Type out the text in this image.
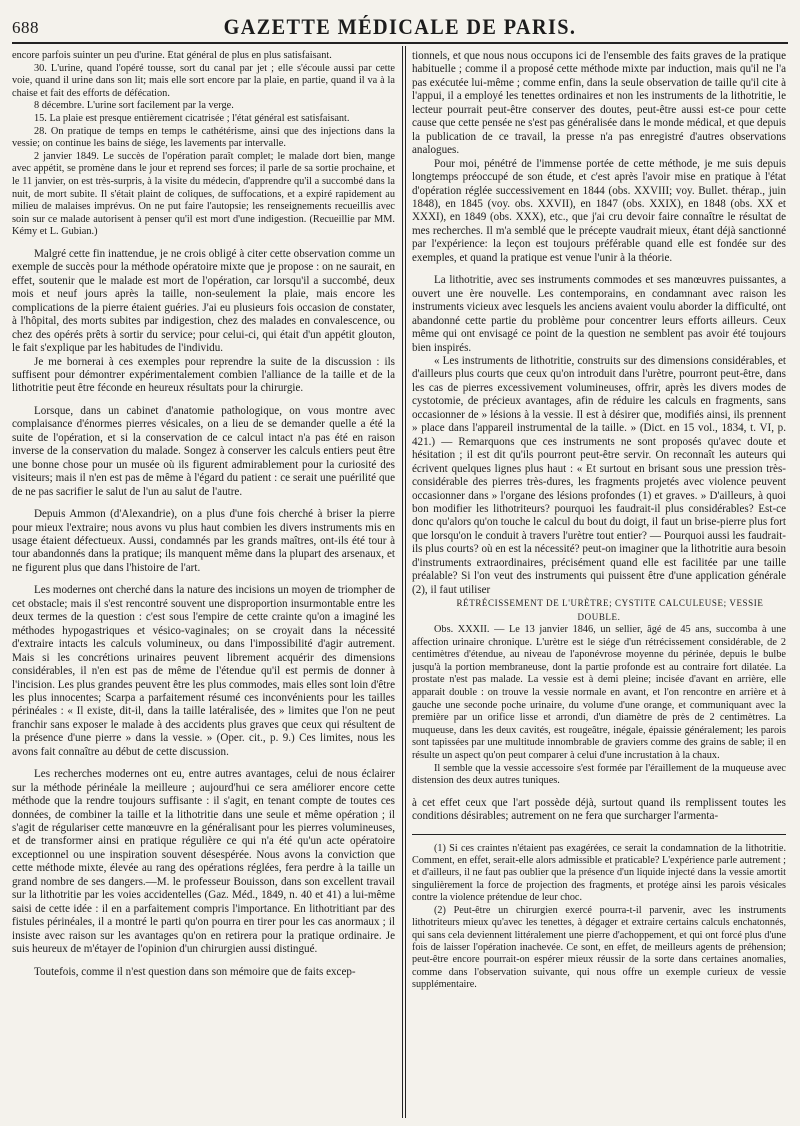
688	GAZETTE MÉDICALE DE PARIS.

encore parfois suinter un peu d'urine. État général de plus en plus satisfaisant.

30. L'urine, quand l'opéré tousse, sort du canal par jet ; elle s'écoule aussi par cette voie, quand il urine dans son lit; mais elle sort encore par la plaie, en partie, quand il va à la chaise et fait des efforts de défécation.

8 décembre. L'urine sort facilement par la verge.

15. La plaie est presque entièrement cicatrisée ; l'état général est satisfaisant.

28. On pratique de temps en temps le cathétérisme, ainsi que des injections dans la vessie; on continue les bains de siége, les lavements par intervalle.

2 janvier 1849. Le succès de l'opération paraît complet; le malade dort bien, mange avec appétit, se promène dans le jour et reprend ses forces; il parle de sa sortie prochaine, et le 11 janvier, on est très-surpris, à la visite du médecin, d'apprendre qu'il a succombé dans la nuit, de mort subite. Il s'était plaint de coliques, de suffocations, et a expiré rapidement au milieu de malaises imprévus. On ne put faire l'autopsie; les renseignements recueillis avec soin sur ce malade autorisent à penser qu'il est mort d'une indigestion. (Recueillie par MM. Kémy et L. Gubian.)

Malgré cette fin inattendue, je ne crois obligé à citer cette observation comme un exemple de succès pour la méthode opératoire mixte que je propose : on ne saurait, en effet, soutenir que le malade est mort de l'opération, car lorsqu'il a succombé, deux mois et neuf jours après la taille, non-seulement la plaie, mais encore les complications de la pierre étaient guéries. J'ai eu plusieurs fois occasion de constater, à l'hôpital, des morts subites par indigestion, chez des malades en convalescence, ou chez des opérés prêts à sortir du service; pour celui-ci, qui était d'un appétit glouton, le fait s'explique par les habitudes de l'individu.

Je me bornerai à ces exemples pour reprendre la suite de la discussion : ils suffisent pour démontrer expérimentalement combien l'alliance de la taille et de la lithotritie peut être féconde en heureux résultats pour la chirurgie.

Lorsque, dans un cabinet d'anatomie pathologique, on vous montre avec complaisance d'énormes pierres vésicales, on a lieu de se demander quelle a été la suite de l'opération, et si la conservation de ce calcul intact n'a pas été en raison inverse de la conservation du malade. Songez à conserver les calculs entiers peut être une bonne chose pour un musée où ils figurent admirablement pour la curiosité des visiteurs; mais il n'en est pas de même à l'égard du patient : ce serait une puérilité que de ne pas sacrifier le salut de l'un au salut de l'autre.

Depuis Ammon (d'Alexandrie), on a plus d'une fois cherché à briser la pierre pour mieux l'extraire; nous avons vu plus haut combien les divers instruments mis en usage étaient défectueux. Aussi, condamnés par les grands maîtres, ont-ils été tour à tour abandonnés dans la pratique; ils manquent même dans la plupart des arsenaux, et ne figurent plus que dans l'histoire de l'art.

Les modernes ont cherché dans la nature des incisions un moyen de triompher de cet obstacle; mais il s'est rencontré souvent une disproportion insurmontable entre les deux termes de la question : c'est sous l'empire de cette crainte qu'on a imaginé les méthodes hypogastriques et vésico-vaginales; on se croyait dans la nécessité d'extraire intacts les calculs volumineux, ou dans l'impossibilité d'agir autrement. Mais si les concrétions urinaires peuvent librement acquérir des dimensions considérables, il n'en est pas de même de l'étendue qu'il est permis de donner à l'incision. Les plus grandes peuvent être les plus commodes, mais elles sont loin d'être les plus innocentes; Scarpa a parfaitement résumé ces inconvénients pour les tailles périnéales : « Il existe, dit-il, dans la taille latéralisée, des » limites que l'on ne peut franchir sans exposer le malade à des accidents plus graves que ceux qui résultent de la présence d'une pierre » dans la vessie. » (Oper. cit., p. 9.) Ces limites, nous les avons fait connaître au début de cette discussion.

Les recherches modernes ont eu, entre autres avantages, celui de nous éclairer sur la méthode périnéale la meilleure ; aujourd'hui ce sera améliorer encore cette méthode que la rendre toujours suffisante : il s'agit, en tenant compte de toutes ces données, de combiner la taille et la lithotritie dans une seule et même opération ; il s'agit de régulariser cette manœuvre en la généralisant pour les pierres volumineuses, et de transformer ainsi en pratique régulière ce qui n'a été qu'un acte opératoire exceptionnel ou une inspiration souvent désespérée. Nous avons la conviction que cette méthode mixte, élevée au rang des opérations réglées, fera perdre à la taille un grand nombre de ses dangers.—M. le professeur Bouisson, dans son excellent travail sur la lithotritie par les voies accidentelles (Gaz. Méd., 1849, n. 40 et 41) a lui-même saisi de cette idée : il en a parfaitement compris l'importance. En lithotritiant par des fistules périnéales, il a montré le parti qu'on pourra en tirer pour les cas anormaux ; il insiste avec raison sur les avantages qu'on en retirera pour la pratique ordinaire. Je suis heureux de m'étayer de l'opinion d'un chirurgien aussi distingué.

Toutefois, comme il n'est question dans son mémoire que de faits excep-

tionnels, et que nous nous occupons ici de l'ensemble des faits graves de la pratique habituelle ; comme il a proposé cette méthode mixte par induction, mais qu'il ne l'a pas exécutée lui-même ; comme enfin, dans la seule observation de taille qu'il cite à l'appui, il a employé les tenettes ordinaires et non les instruments de la lithotritie, le lecteur pourrait peut-être conserver des doutes, peut-être aussi est-ce pour cette cause que cette pensée ne s'est pas généralisée dans le monde médical, et que depuis la publication de ce travail, la presse n'a pas enregistré d'autres observations analogues.

Pour moi, pénétré de l'immense portée de cette méthode, je me suis depuis longtemps préoccupé de son étude, et c'est après l'avoir mise en pratique à l'état d'opération réglée successivement en 1844 (obs. XXVIII; voy. Bullet. thérap., juin 1848), en 1845 (voy. obs. XXVII), en 1847 (obs. XXIX), en 1848 (obs. XX et XXXI), en 1849 (obs. XXX), etc., que j'ai cru devoir faire connaître le résultat de mes recherches. Il m'a semblé que le précepte vaudrait mieux, étant déjà sanctionné par l'expérience: la leçon est toujours préférable quand elle est fondée sur des exemples, et quand la pratique est venue l'unir à la théorie.

La lithotritie, avec ses instruments commodes et ses manœuvres puissantes, a ouvert une ère nouvelle. Les contemporains, en condamnant avec raison les instruments vicieux avec lesquels les anciens avaient voulu aborder la difficulté, ont abandonné cette partie du problème pour concentrer leurs efforts ailleurs. Ceux même qui ont envisagé ce point de la question ne semblent pas avoir été toujours bien inspirés.

« Les instruments de lithotritie, construits sur des dimensions considérables, et d'ailleurs plus courts que ceux qu'on introduit dans l'urètre, pourront peut-être, dans les cas de pierres excessivement volumineuses, offrir, après les divers modes de cystotomie, de précieux avantages, afin de réduire les calculs en fragments, sans occasionner de » lésions à la vessie. Il est à désirer que, modifiés ainsi, ils prennent » place dans l'appareil instrumental de la taille. » (Dict. en 15 vol., 1834, t. VI, p. 421.) — Remarquons que ces instruments ne sont proposés qu'avec doute et hésitation ; il est dit qu'ils pourront peut-être servir. On reconnaît les auteurs qui écrivent quelques lignes plus haut : « Et surtout en brisant sous une pression très-considérable des pierres très-dures, les fragments projetés avec violence peuvent occasionner dans » l'organe des lésions profondes (1) et graves. » D'ailleurs, à quoi bon modifier les lithotriteurs? pourquoi les faudrait-il plus considérables? Est-ce donc qu'alors qu'on touche le calcul du bout du doigt, il faut un brise-pierre plus fort que lorsqu'on le conduit à travers l'urètre tout entier? — Pourquoi aussi les faudrait-ils plus courts? où en est la nécessité? peut-on imaginer que la lithotritie aura besoin d'instruments extraordinaires, précisément quand elle est facilitée par une taille préalable? Si l'on veut des instruments qui puissent être d'une application générale (2), il faut utiliser

RÉTRÉCISSEMENT DE L'URÈTRE; CYSTITE CALCULEUSE; VESSIE DOUBLE.

Obs. XXXII. — Le 13 janvier 1846, un sellier, âgé de 45 ans, succomba à une affection urinaire chronique. L'urètre est le siége d'un rétrécissement considérable, de 2 centimètres d'étendue, au niveau de l'aponévrose moyenne du périnée, depuis le bulbe jusqu'à la portion membraneuse, dont la partie profonde est au contraire fort dilatée. La prostate n'est pas malade. La vessie est à demi pleine; incisée d'avant en arrière, elle apparait double : on trouve la vessie normale en avant, et l'on rencontre en arrière et à gauche une seconde poche urinaire, du volume d'une orange, et communiquant avec la première par un orifice lisse et arrondi, d'un diamètre de près de 2 centimètres. La muqueuse, dans les deux cavités, est rougeâtre, inégale, épaissie généralement; les parois sont tapissées par une multitude innombrable de graviers comme des grains de sable; il en résulte un aspect qu'on peut comparer à celui d'une incrustation à la chaux.

Il semble que la vessie accessoire s'est formée par l'éraillement de la muqueuse avec distension des deux autres tuniques.

à cet effet ceux que l'art possède déjà, surtout quand ils remplissent toutes les conditions désirables; autrement on ne fera que surcharger l'armenta-

(1) Si ces craintes n'étaient pas exagérées, ce serait la condamnation de la lithotritie. Comment, en effet, serait-elle alors admissible et praticable? L'expérience parle autrement ; et d'ailleurs, il ne faut pas oublier que la présence d'un liquide injecté dans la vessie amortit singulièrement la force de projection des fragments, et protége ainsi les parois vésicales contre la violence prétendue de leur choc.

(2) Peut-être un chirurgien exercé pourra-t-il parvenir, avec les instruments lithotriteurs mieux qu'avec les tenettes, à dégager et extraire certains calculs enchatonnés, qui sans cela deviennent littéralement une pierre d'achoppement, et qui ont forcé plus d'une fois de laisser l'opération inachevée. Ce sont, en effet, de meilleurs agents de préhension; peut-être encore pourrait-on espérer mieux réussir de la sorte dans certaines anomalies, comme dans l'observation suivante, qui nous offre un exemple curieux de vessie supplémentaire.
